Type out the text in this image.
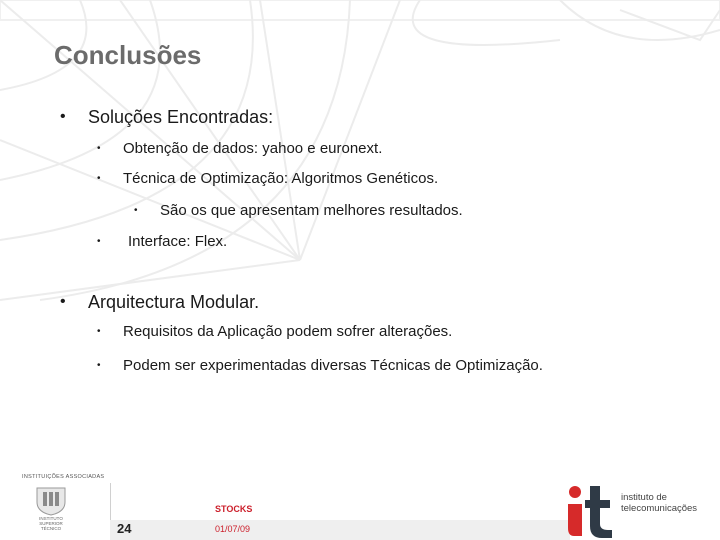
Conclusões
• Soluções Encontradas:
• Obtenção de dados: yahoo e euronext.
• Técnica de Optimização: Algoritmos Genéticos.
• São os que apresentam melhores resultados.
• Interface: Flex.
• Arquitectura Modular.
• Requisitos da Aplicação podem sofrer alterações.
• Podem ser experimentadas diversas Técnicas de Optimização.
INSTITUIÇÕES ASSOCIADAS
INSTITUTO SUPERIOR TÉCNICO	24
STOCKS
01/07/09
instituto de
telecomunicações
